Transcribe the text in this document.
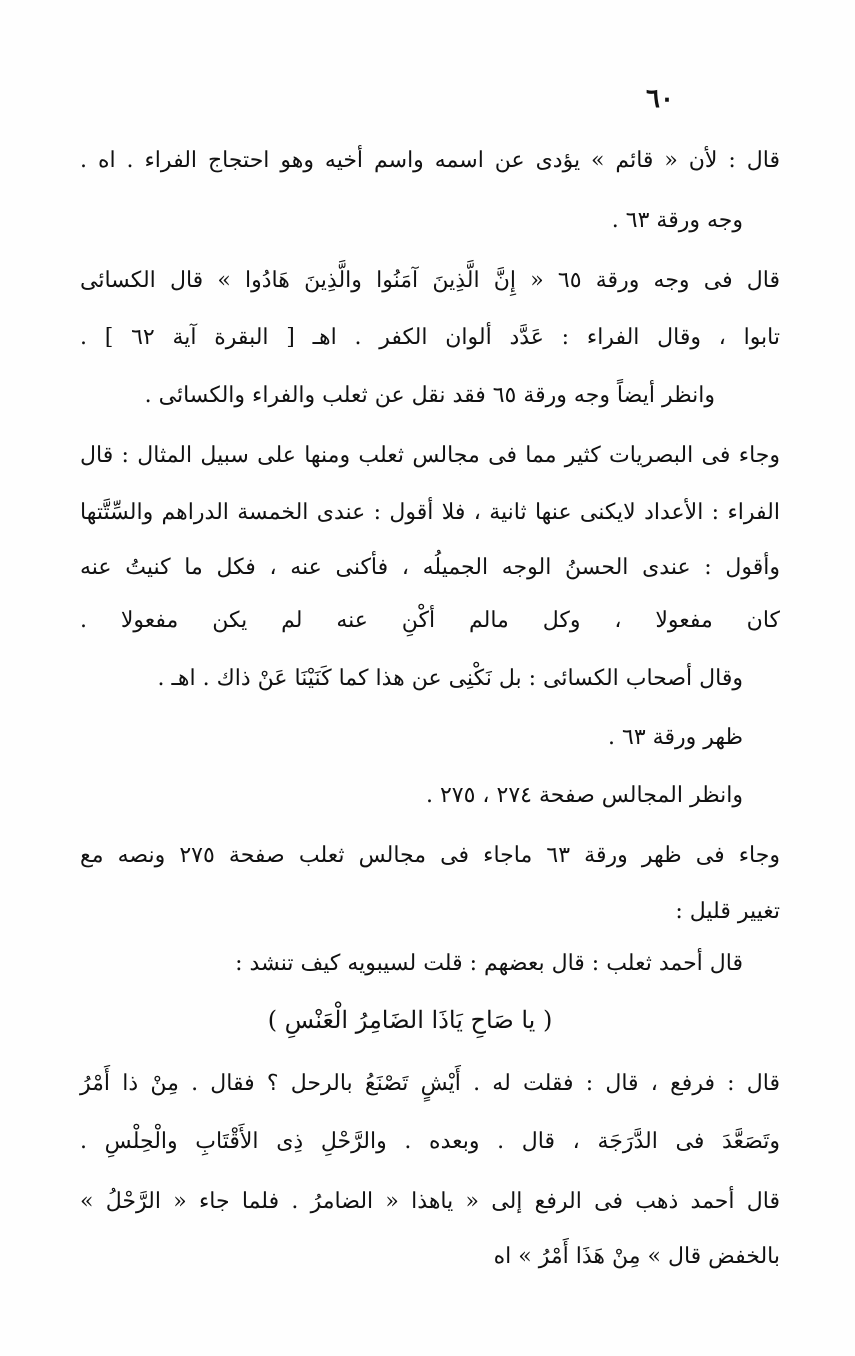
٦٠
قال : لأن « قائم » يؤدى عن اسمه واسم أخيه وهو احتجاج الفراء . اه .
وجه ورقة ٦٣ .
قال فى وجه ورقة ٦٥ « إِنَّ الَّذِينَ آمَنُوا والَّذِينَ هَادُوا » قال الكسائى
تابوا ، وقال الفراء : عَدَّد ألوان الكفر . اهـ [ البقرة آية ٦٢ ] .
وانظر أيضاً وجه ورقة ٦٥ فقد نقل عن ثعلب والفراء والكسائى .
وجاء فى البصريات كثير مما فى مجالس ثعلب ومنها على سبيل المثال : قال
الفراء : الأعداد لايكنى عنها ثانية ، فلا أقول : عندى الخمسة الدراهم والسِّتَّتها
وأقول : عندى الحسنُ الوجه الجميلُه ، فأكنى عنه ، فكل ما كنيتُ عنه
كان مفعولا ، وكل مالم أكْنِ عنه لم يكن مفعولا .
وقال أصحاب الكسائى : بل نَكْنِى عن هذا كما كَنَيْنَا عَنْ ذاك . اهـ .
ظهر ورقة ٦٣ .
وانظر المجالس صفحة ٢٧٤ ، ٢٧٥ .
وجاء فى ظهر ورقة ٦٣ ماجاء فى مجالس ثعلب صفحة ٢٧٥ ونصه مع
تغيير قليل :
قال أحمد ثعلب : قال بعضهم : قلت لسيبويه كيف تنشد :
( يا صَاحِ يَاذَا الضَامِرُ الْعَنْسِ )
قال : فرفع ، قال : فقلت له . أَيْشٍ تَصْنَعُ بالرحل ؟ فقال . مِنْ ذا أَمْرُ
وتَصَعَّدَ فى الدَّرَجَة ، قال . وبعده . والرَّحْلِ ذِى الأَقْتَابِ والْحِلْسِ .
قال أحمد ذهب فى الرفع إلى « ياهذا « الضامرُ . فلما جاء « الرَّحْلُ »
بالخفض قال » مِنْ هَذَا أَمْرُ » اه
